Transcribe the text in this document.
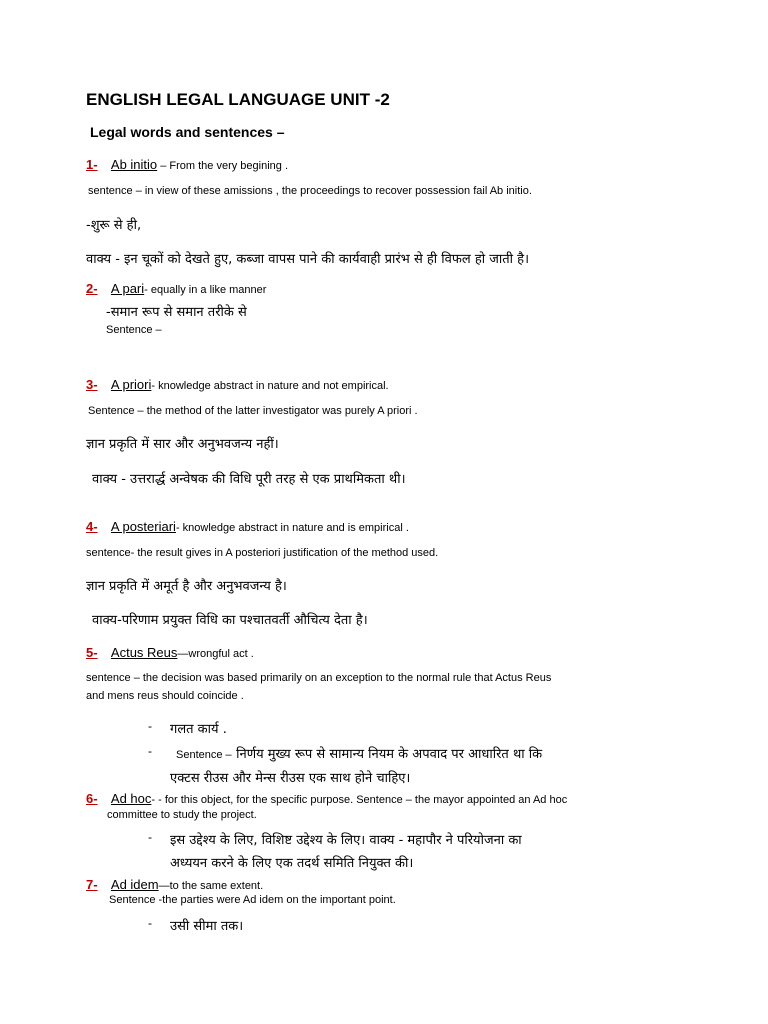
ENGLISH LEGAL LANGUAGE UNIT -2
Legal words and sentences –
1- Ab initio – From the very begining .
sentence – in view of these amissions , the proceedings to recover possession fail Ab initio.
-शुरू से ही,
वाक्य - इन चूकों को देखते हुए, कब्जा वापस पाने की कार्यवाही प्रारंभ से ही विफल हो जाती है।
2- A pari- equally in a like manner
-समान रूप से समान तरीके से
Sentence –
3- A priori- knowledge abstract in nature and not empirical.
Sentence – the method of the latter investigator was purely A priori .
ज्ञान प्रकृति में सार और अनुभवजन्य नहीं।
वाक्य - उत्तरार्द्ध अन्वेषक की विधि पूरी तरह से एक प्राथमिकता थी।
4- A posteriari- knowledge abstract in nature and is empirical .
sentence- the result gives in A posteriori justification of the method used.
ज्ञान प्रकृति में अमूर्त है और अनुभवजन्य है।
वाक्य-परिणाम प्रयुक्त विधि का पश्चातवर्ती औचित्य देता है।
5- Actus Reus—wrongful act .
sentence – the decision was based primarily on an exception to the normal rule that Actus Reus
and mens reus should coincide .
- गलत कार्य .
- Sentence – निर्णय मुख्य रूप से सामान्य नियम के अपवाद पर आधारित था कि
एक्टस रीउस और मेन्स रीउस एक साथ होने चाहिए।
6- Ad hoc- - for this object, for the specific purpose. Sentence – the mayor appointed an Ad hoc
committee to study the project.
- इस उद्देश्य के लिए, विशिष्ट उद्देश्य के लिए। वाक्य - महापौर ने परियोजना का
अध्ययन करने के लिए एक तदर्थ समिति नियुक्त की।
7- Ad idem—to the same extent.
Sentence -the parties were Ad idem on the important point.
- उसी सीमा तक।
